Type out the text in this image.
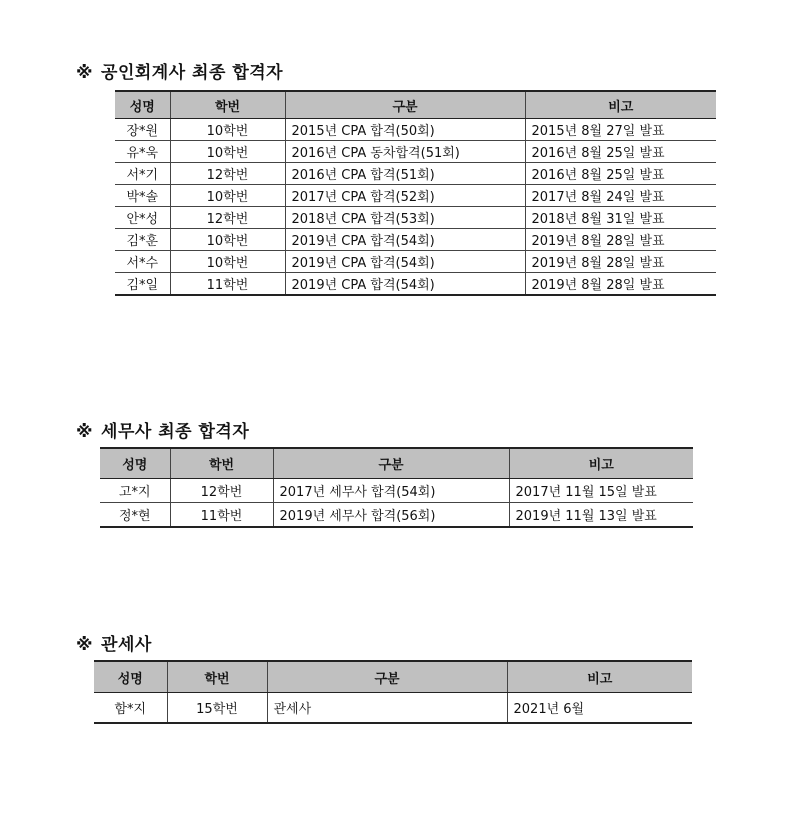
※ 공인회계사 최종 합격자
성명	학번	구분	비고
장*원	10학번	2015년 CPA 합격(50회)	2015년 8월 27일 발표
유*욱	10학번	2016년 CPA 동차합격(51회)	2016년 8월 25일 발표
서*기	12학번	2016년 CPA 합격(51회)	2016년 8월 25일 발표
박*솔	10학번	2017년 CPA 합격(52회)	2017년 8월 24일 발표
안*성	12학번	2018년 CPA 합격(53회)	2018년 8월 31일 발표
김*훈	10학번	2019년 CPA 합격(54회)	2019년 8월 28일 발표
서*수	10학번	2019년 CPA 합격(54회)	2019년 8월 28일 발표
김*일	11학번	2019년 CPA 합격(54회)	2019년 8월 28일 발표
※ 세무사 최종 합격자
성명	학번	구분	비고
고*지	12학번	2017년 세무사 합격(54회)	2017년 11월 15일 발표
정*현	11학번	2019년 세무사 합격(56회)	2019년 11월 13일 발표
※ 관세사
성명	학번	구분	비고
함*지	15학번	관세사	2021년 6월
